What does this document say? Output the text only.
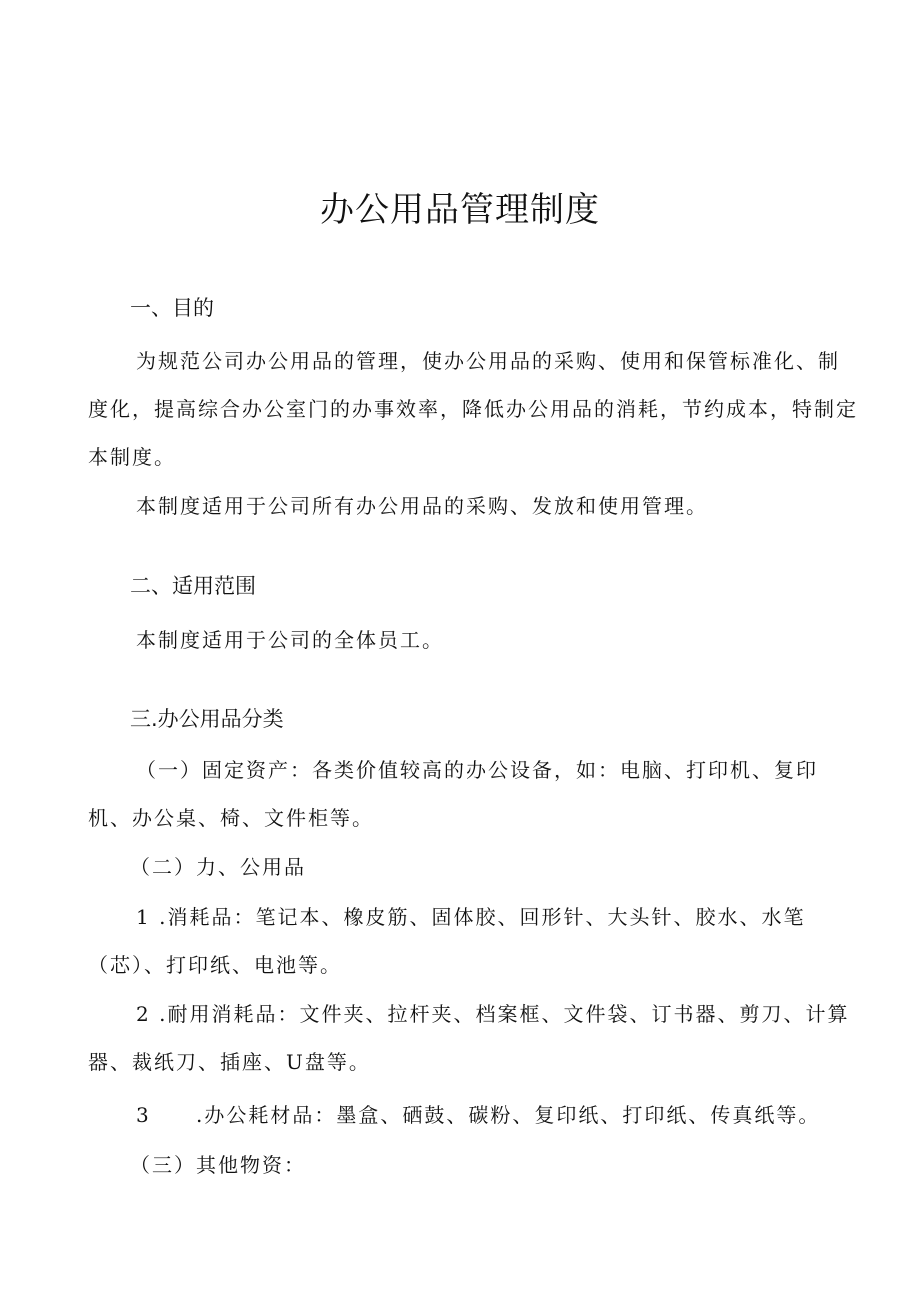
办公用品管理制度
一、目的

为规范公司办公用品的管理，使办公用品的采购、使用和保管标准化、制度化，提高综合办公室门的办事效率，降低办公用品的消耗，节约成本，特制定本制度。

本制度适用于公司所有办公用品的采购、发放和使用管理。

二、适用范围

本制度适用于公司的全体员工。

三.办公用品分类

（一）固定资产：各类价值较高的办公设备，如：电脑、打印机、复印机、办公桌、椅、文件柜等。

（二）力、公用品

1 .消耗品：笔记本、橡皮筋、固体胶、回形针、大头针、胶水、水笔（芯）、打印纸、电池等。

2 .耐用消耗品：文件夹、拉杆夹、档案框、文件袋、订书器、剪刀、计算器、裁纸刀、插座、U盘等。

3 .办公耗材品：墨盒、硒鼓、碳粉、复印纸、打印纸、传真纸等。
（三）其他物资：
